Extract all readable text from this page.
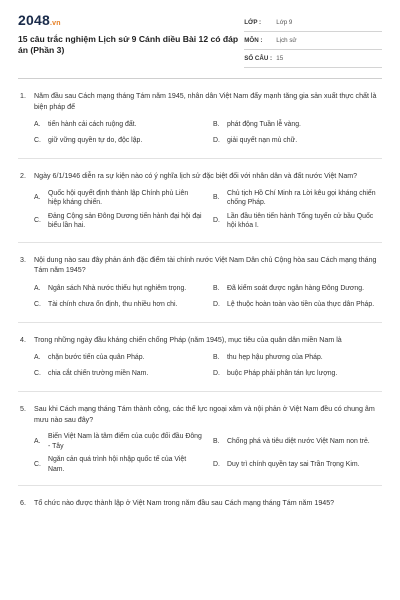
2048.vn
15 câu trắc nghiệm Lịch sử 9 Cánh diều Bài 12 có đáp án (Phần 3)
LỚP :	Lớp 9
MÔN :	Lịch sử
SỐ CÂU : 15
1.	Năm đầu sau Cách mạng tháng Tám năm 1945, nhân dân Việt Nam đẩy mạnh tăng gia sản xuất thực chất là biện pháp để
A.	tiến hành cải cách ruộng đất.	B.	phát động Tuần lễ vàng.
C.	giữ vững quyền tự do, độc lập.	D.	giải quyết nạn mù chữ.
2.	Ngày 6/1/1946 diễn ra sự kiện nào có ý nghĩa lịch sử đặc biệt đối với nhân dân và đất nước Việt Nam?
A.
Quốc hội quyết định thành lập Chính phủ Liên hiệp kháng chiến.
B.
Chủ tịch Hồ Chí Minh ra Lời kêu gọi kháng chiến chống Pháp.
C.
Đảng Cộng sản Đông Dương tiến hành đại hội đại biểu lần hai.
D.
Lần đầu tiên tiến hành Tổng tuyển cử bầu Quốc hội khóa I.
3.	Nội dung nào sau đây phản ánh đặc điểm tài chính nước Việt Nam Dân chủ Cộng hòa sau Cách mạng tháng Tám năm 1945?
A.	Ngân sách Nhà nước thiếu hụt nghiêm trọng.	B.	Đã kiểm soát được ngân hàng Đông Dương.
C.	Tài chính chưa ổn định, thu nhiều hơn chi.	D.	Lệ thuộc hoàn toàn vào tiền của thực dân Pháp.
4.	Trong những ngày đầu kháng chiến chống Pháp (năm 1945), mục tiêu của quân dân miền Nam là
A.	chặn bước tiến của quân Pháp.	B.	thu hẹp hậu phương của Pháp.
C.	chia cắt chiến trường miền Nam.	D.	buộc Pháp phải phân tán lực lượng.
5.	Sau khi Cách mạng tháng Tám thành công, các thế lực ngoại xâm và nội phản ở Việt Nam đều có chung âm mưu nào sau đây?
A.
Biến Việt Nam là tâm điểm của cuộc đối đầu Đông - Tây
B.	Chống phá và tiêu diệt nước Việt Nam non trẻ.
C.
Ngăn cản quá trình hội nhập quốc tế của Việt Nam.
D.	Duy trì chính quyền tay sai Trần Trọng Kim.
6.	Tổ chức nào được thành lập ở Việt Nam trong năm đầu sau Cách mạng tháng Tám năm 1945?
